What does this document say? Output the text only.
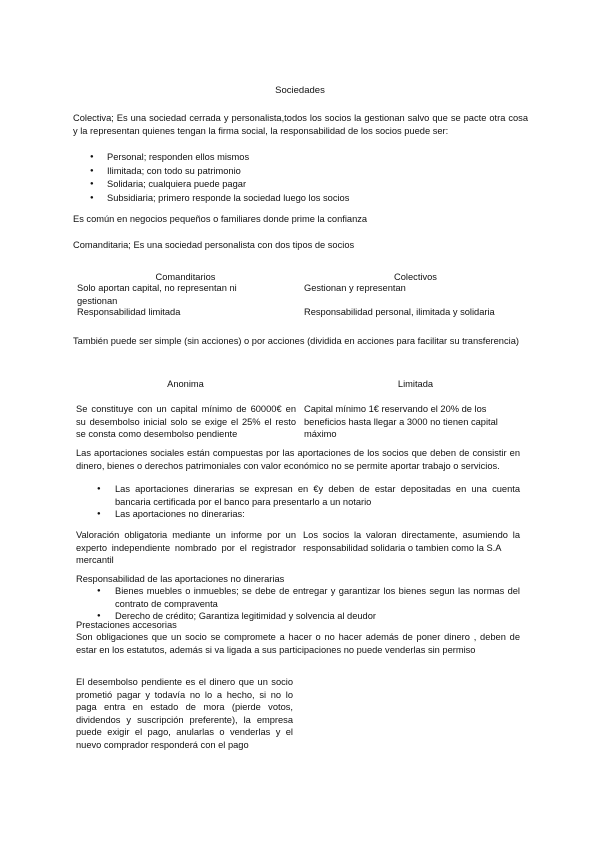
Sociedades
Colectiva; Es una sociedad cerrada y personalista,todos los socios la gestionan salvo que se pacte otra cosa y la representan quienes tengan la firma social, la responsabilidad de los socios puede ser:
● Personal; responden ellos mismos
● Ilimitada; con todo su patrimonio
● Solidaria; cualquiera puede pagar
● Subsidiaria; primero responde la sociedad luego los socios
Es común en negocios pequeños o familiares donde prime la confianza
Comanditaria; Es una sociedad personalista con dos tipos de socios
Comanditarios	Colectivos
Solo aportan capital, no representan ni gestionan
Responsabilidad limitada
Gestionan y representan
Responsabilidad personal, ilimitada y solidaria
También puede ser simple (sin acciones) o por acciones (dividida en acciones para facilitar su transferencia)
Anonima	Limitada
Se constituye con un capital mínimo de 60000€ en su desembolso inicial solo se exige el 25% el resto se consta como desembolso pendiente
Capital mínimo 1€ reservando el 20% de los beneficios hasta llegar a 3000 no tienen capital máximo
Las aportaciones sociales están compuestas por las aportaciones de los socios que deben de consistir en dinero, bienes o derechos patrimoniales con valor económico no se permite aportar trabajo o servicios.
● Las aportaciones dinerarias se expresan en €y deben de estar depositadas en una cuenta bancaria certificada por el banco para presentarlo a un notario
● Las aportaciones no dinerarias:
Valoración obligatoria mediante un informe por un experto independiente nombrado por el registrador mercantil
Los socios la valoran directamente, asumiendo la responsabilidad solidaria o tambien como la S.A
Responsabilidad de las aportaciones no dinerarias
● Bienes muebles o inmuebles; se debe de entregar y garantizar los bienes segun las normas del contrato de compraventa
● Derecho de crédito; Garantiza legitimidad y solvencia al deudor
Prestaciones accesorias
Son obligaciones que un socio se compromete a hacer o no hacer además de poner dinero , deben de estar en los estatutos, además si va ligada a sus participaciones no puede venderlas sin permiso
El desembolso pendiente es el dinero que un socio prometió pagar y todavía no lo a hecho, si no lo paga entra en estado de mora (pierde votos, dividendos y suscripción preferente), la empresa puede exigir el pago, anularlas o venderlas y el nuevo comprador responderá con el pago
